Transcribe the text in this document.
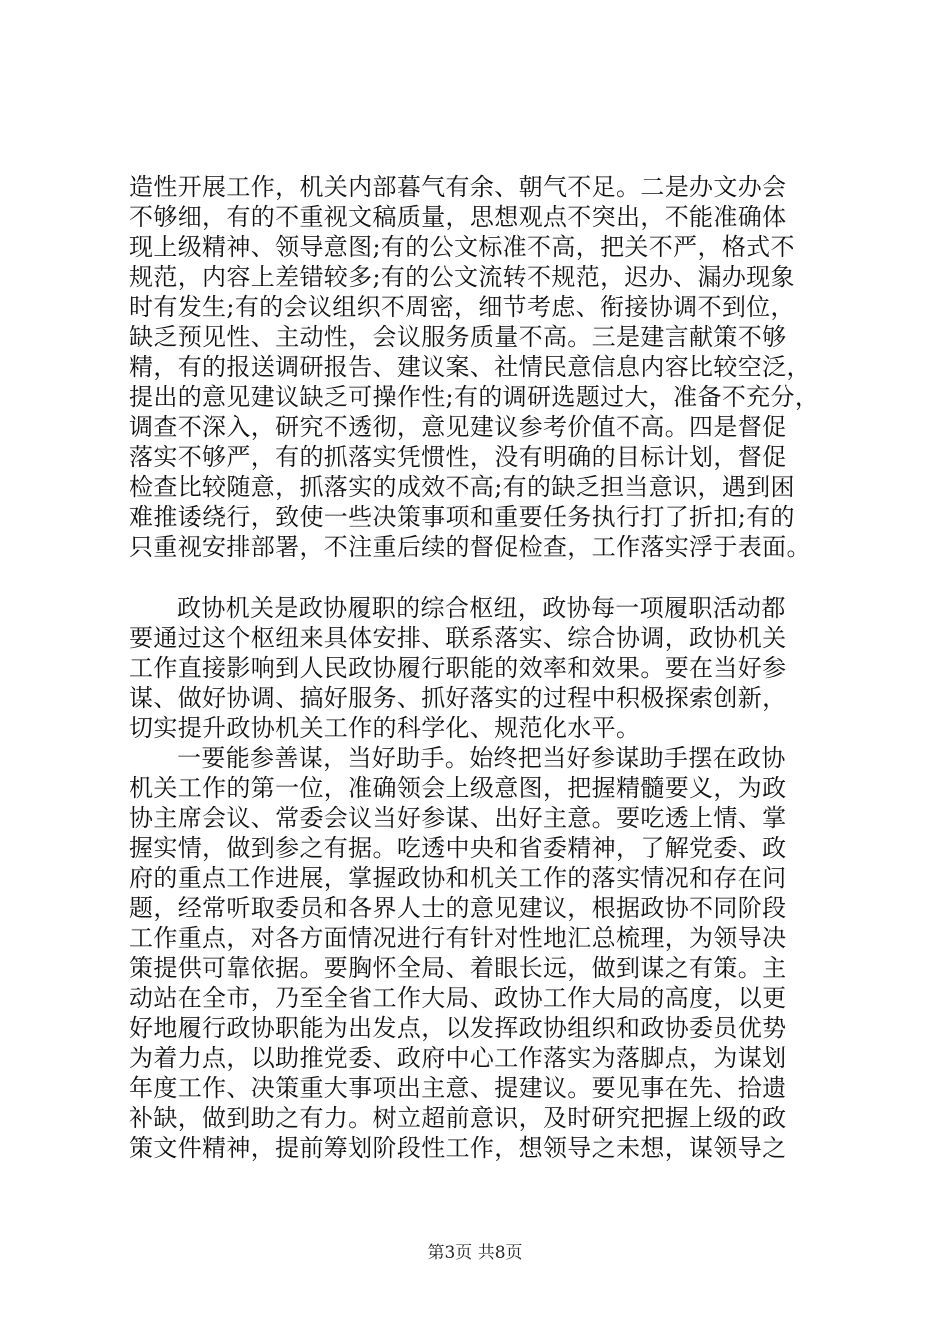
造性开展工作，机关内部暮气有余、朝气不足。二是办文办会
不够细，有的不重视文稿质量，思想观点不突出，不能准确体
现上级精神、领导意图;有的公文标准不高，把关不严，格式不
规范，内容上差错较多;有的公文流转不规范，迟办、漏办现象
时有发生;有的会议组织不周密，细节考虑、衔接协调不到位，
缺乏预见性、主动性，会议服务质量不高。三是建言献策不够
精，有的报送调研报告、建议案、社情民意信息内容比较空泛，
提出的意见建议缺乏可操作性;有的调研选题过大，准备不充分，
调查不深入，研究不透彻，意见建议参考价值不高。四是督促
落实不够严，有的抓落实凭惯性，没有明确的目标计划，督促
检查比较随意，抓落实的成效不高;有的缺乏担当意识，遇到困
难推诿绕行，致使一些决策事项和重要任务执行打了折扣;有的
只重视安排部署，不注重后续的督促检查，工作落实浮于表面。
政协机关是政协履职的综合枢纽，政协每一项履职活动都
要通过这个枢纽来具体安排、联系落实、综合协调，政协机关
工作直接影响到人民政协履行职能的效率和效果。要在当好参
谋、做好协调、搞好服务、抓好落实的过程中积极探索创新，
切实提升政协机关工作的科学化、规范化水平。
一要能参善谋，当好助手。始终把当好参谋助手摆在政协
机关工作的第一位，准确领会上级意图，把握精髓要义，为政
协主席会议、常委会议当好参谋、出好主意。要吃透上情、掌
握实情，做到参之有据。吃透中央和省委精神，了解党委、政
府的重点工作进展，掌握政协和机关工作的落实情况和存在问
题，经常听取委员和各界人士的意见建议，根据政协不同阶段
工作重点，对各方面情况进行有针对性地汇总梳理，为领导决
策提供可靠依据。要胸怀全局、着眼长远，做到谋之有策。主
动站在全市，乃至全省工作大局、政协工作大局的高度，以更
好地履行政协职能为出发点，以发挥政协组织和政协委员优势
为着力点，以助推党委、政府中心工作落实为落脚点，为谋划
年度工作、决策重大事项出主意、提建议。要见事在先、拾遗
补缺，做到助之有力。树立超前意识，及时研究把握上级的政
策文件精神，提前筹划阶段性工作，想领导之未想，谋领导之
第3页 共8页
